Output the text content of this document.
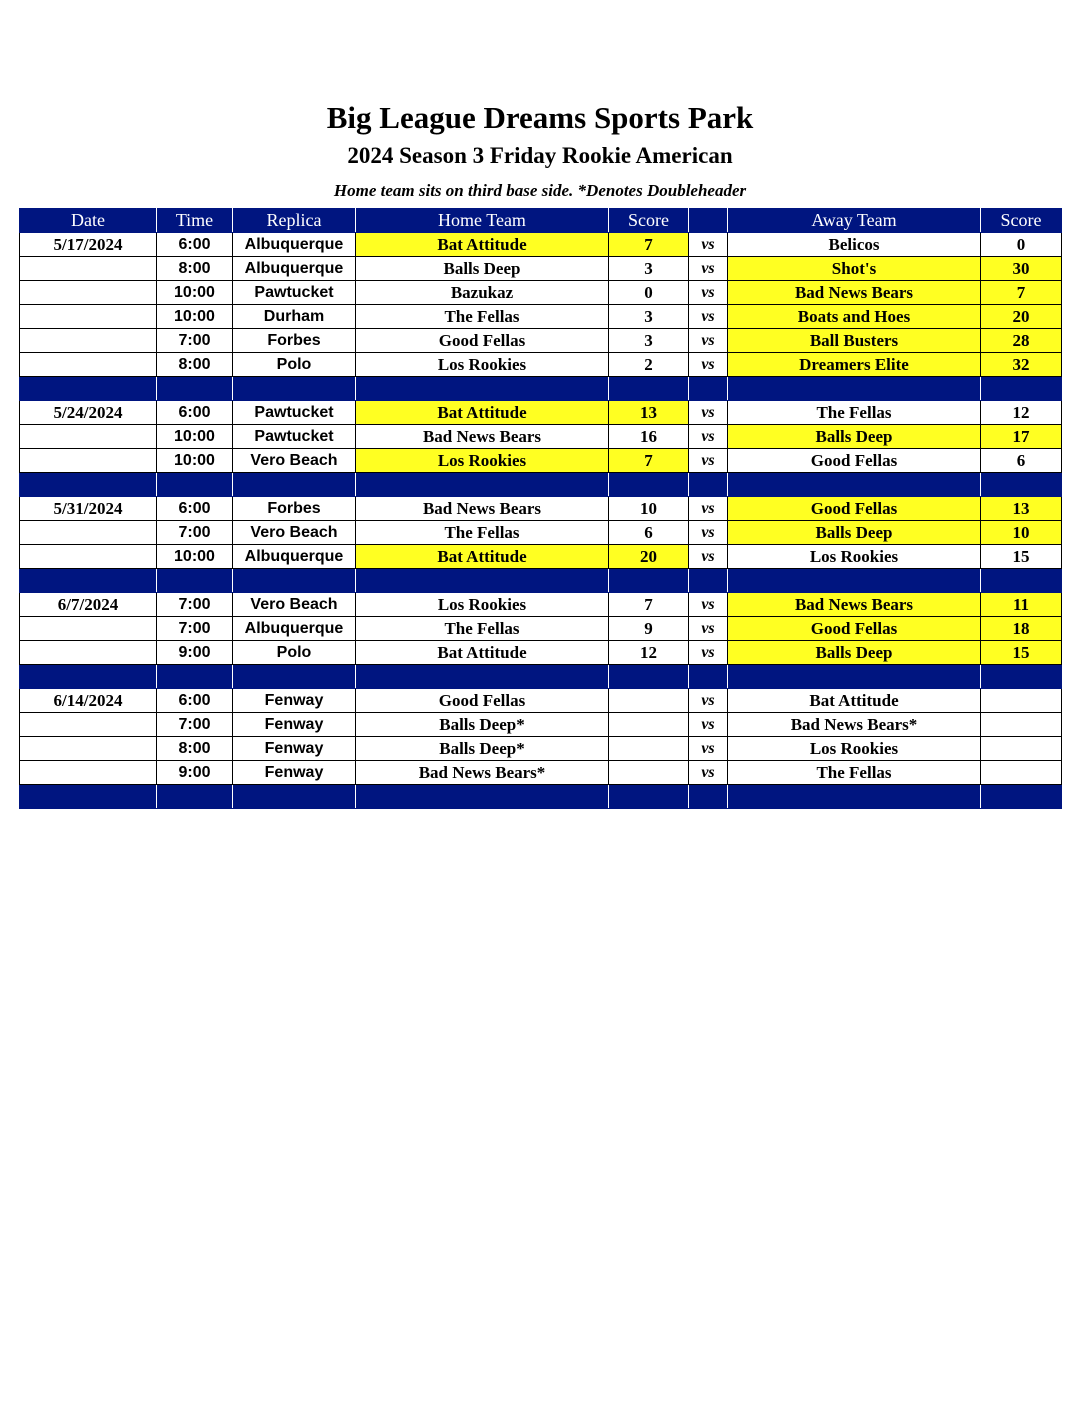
Big League Dreams Sports Park
2024 Season 3 Friday Rookie American
Home team sits on third base side. *Denotes Doubleheader
Date	Time	Replica	Home Team	Score		Away Team	Score
5/17/2024	6:00	Albuquerque	Bat Attitude	7	vs	Belicos	0
	8:00	Albuquerque	Balls Deep	3	vs	Shot's	30
	10:00	Pawtucket	Bazukaz	0	vs	Bad News Bears	7
	10:00	Durham	The Fellas	3	vs	Boats and Hoes	20
	7:00	Forbes	Good Fellas	3	vs	Ball Busters	28
	8:00	Polo	Los Rookies	2	vs	Dreamers Elite	32

5/24/2024	6:00	Pawtucket	Bat Attitude	13	vs	The Fellas	12
	10:00	Pawtucket	Bad News Bears	16	vs	Balls Deep	17
	10:00	Vero Beach	Los Rookies	7	vs	Good Fellas	6

5/31/2024	6:00	Forbes	Bad News Bears	10	vs	Good Fellas	13
	7:00	Vero Beach	The Fellas	6	vs	Balls Deep	10
	10:00	Albuquerque	Bat Attitude	20	vs	Los Rookies	15

6/7/2024	7:00	Vero Beach	Los Rookies	7	vs	Bad News Bears	11
	7:00	Albuquerque	The Fellas	9	vs	Good Fellas	18
	9:00	Polo	Bat Attitude	12	vs	Balls Deep	15

6/14/2024	6:00	Fenway	Good Fellas		vs	Bat Attitude	
	7:00	Fenway	Balls Deep*		vs	Bad News Bears*	
	8:00	Fenway	Balls Deep*		vs	Los Rookies	
	9:00	Fenway	Bad News Bears*		vs	The Fellas	
